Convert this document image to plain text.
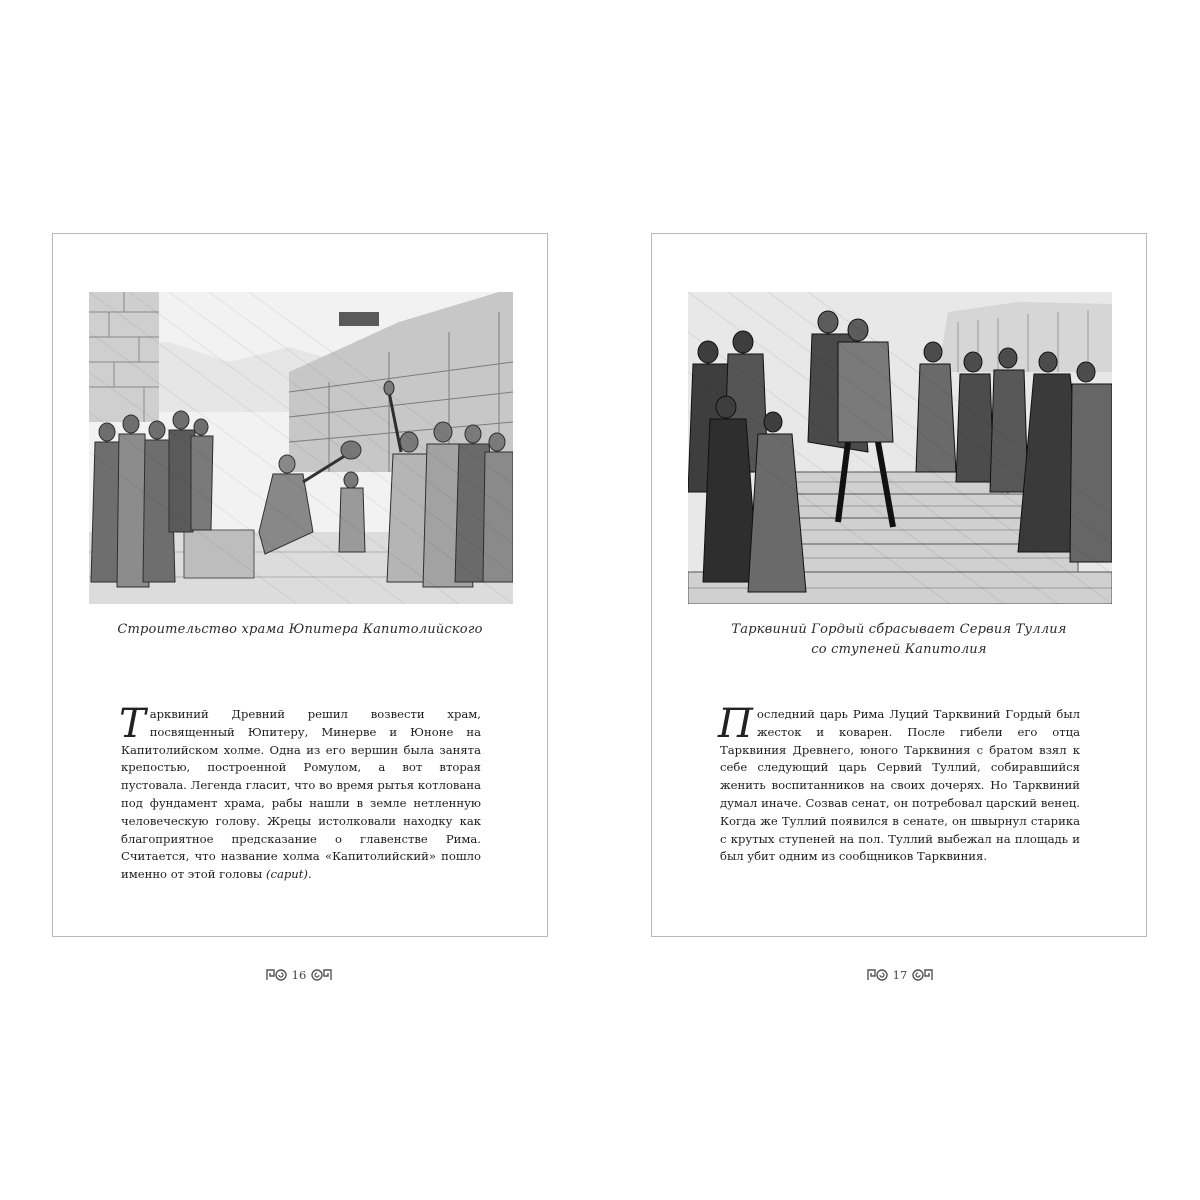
Строительство храма Юпитера Капитолийского
Тарквиний Древний решил возвести храм, посвященный Юпитеру, Минерве и Юноне на Капитолийском холме. Одна из его вершин была занята крепостью, построенной Ромулом, а вот вторая пустовала. Легенда гласит, что во время рытья котлована под фундамент храма, рабы нашли в земле нетленную человеческую голову. Жрецы истолковали находку как благоприятное предсказание о главенстве Рима. Считается, что название холма «Капитолийский» пошло именно от этой головы (caput).
Тарквиний Гордый сбрасывает Сервия Туллия
со ступеней Капитолия
Последний царь Рима Луций Тарквиний Гордый был жесток и коварен. После гибели его отца Тарквиния Древнего, юного Тарквиния с братом взял к себе следующий царь Сервий Туллий, собиравшийся женить воспитанников на своих дочерях. Но Тарквиний думал иначе. Созвав сенат, он потребовал царский венец. Когда же Туллий появился в сенате, он швырнул старика с крутых ступеней на пол. Туллий выбежал на площадь и был убит одним из сообщников Тарквиния.
16	17
